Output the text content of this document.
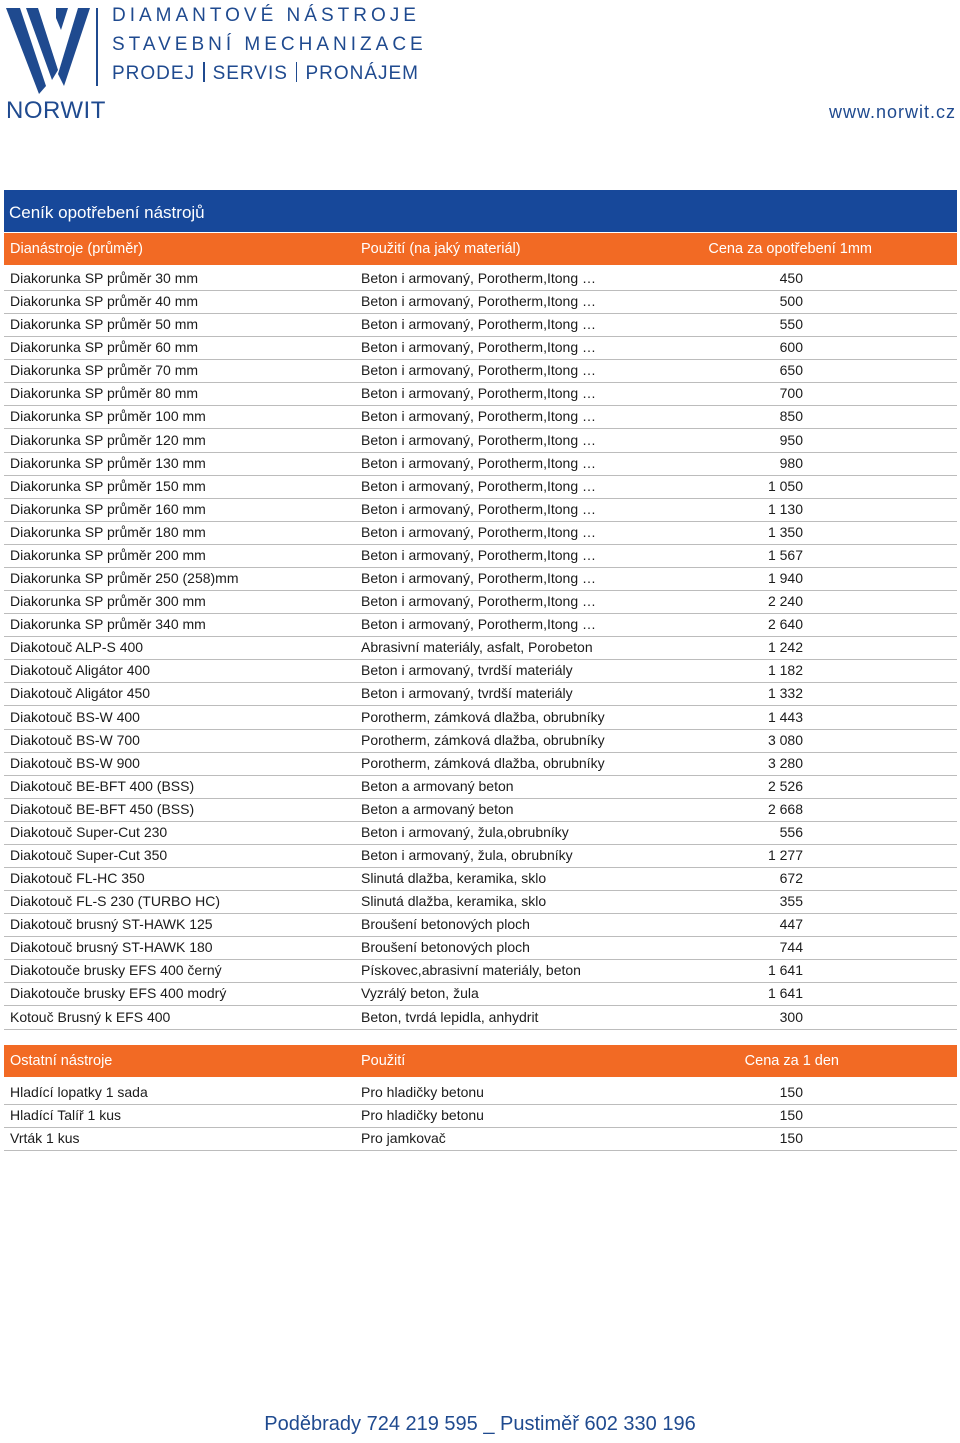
NORWIT
DIAMANTOVÉ NÁSTROJE
STAVEBNÍ MECHANIZACE
PRODEJ SERVIS PRONÁJEM
www.norwit.cz
Ceník opotřebení nástrojů
Dianástroje (průměr)	Použití (na jaký materiál)	Cena za opotřebení 1mm
Diakorunka SP průměr 30 mm	Beton i armovaný, Porotherm,Itong …	450
Diakorunka SP průměr 40 mm	Beton i armovaný, Porotherm,Itong …	500
Diakorunka SP průměr 50 mm	Beton i armovaný, Porotherm,Itong …	550
Diakorunka SP průměr 60 mm	Beton i armovaný, Porotherm,Itong …	600
Diakorunka SP průměr 70 mm	Beton i armovaný, Porotherm,Itong …	650
Diakorunka SP průměr 80 mm	Beton i armovaný, Porotherm,Itong …	700
Diakorunka SP průměr 100 mm	Beton i armovaný, Porotherm,Itong …	850
Diakorunka SP průměr 120 mm	Beton i armovaný, Porotherm,Itong …	950
Diakorunka SP průměr 130 mm	Beton i armovaný, Porotherm,Itong …	980
Diakorunka SP průměr 150 mm	Beton i armovaný, Porotherm,Itong …	1 050
Diakorunka SP průměr 160 mm	Beton i armovaný, Porotherm,Itong …	1 130
Diakorunka SP průměr 180 mm	Beton i armovaný, Porotherm,Itong …	1 350
Diakorunka SP průměr 200 mm	Beton i armovaný, Porotherm,Itong …	1 567
Diakorunka SP průměr 250 (258)mm	Beton i armovaný, Porotherm,Itong …	1 940
Diakorunka SP průměr 300 mm	Beton i armovaný, Porotherm,Itong …	2 240
Diakorunka SP průměr 340 mm	Beton i armovaný, Porotherm,Itong …	2 640
Diakotouč ALP-S 400	Abrasivní materiály, asfalt, Porobeton	1 242
Diakotouč Aligátor 400	Beton i armovaný, tvrdší materiály	1 182
Diakotouč Aligátor 450	Beton i armovaný, tvrdší materiály	1 332
Diakotouč BS-W 400	Porotherm, zámková dlažba, obrubníky	1 443
Diakotouč BS-W 700	Porotherm, zámková dlažba, obrubníky	3 080
Diakotouč BS-W 900	Porotherm, zámková dlažba, obrubníky	3 280
Diakotouč BE-BFT 400 (BSS)	Beton a armovaný beton	2 526
Diakotouč BE-BFT 450 (BSS)	Beton a armovaný beton	2 668
Diakotouč Super-Cut 230	Beton i armovaný, žula,obrubníky	556
Diakotouč Super-Cut 350	Beton i armovaný, žula, obrubníky	1 277
Diakotouč FL-HC 350	Slinutá dlažba, keramika, sklo	672
Diakotouč FL-S 230 (TURBO HC)	Slinutá dlažba, keramika, sklo	355
Diakotouč brusný ST-HAWK 125	Broušení betonových ploch	447
Diakotouč brusný ST-HAWK 180	Broušení betonových ploch	744
Diakotouče brusky EFS 400 černý	Pískovec,abrasivní materiály, beton	1 641
Diakotouče brusky EFS 400 modrý	Vyzrálý beton, žula	1 641
Kotouč Brusný k EFS 400	Beton, tvrdá lepidla, anhydrit	300
Ostatní nástroje	Použití	Cena za 1 den
Hladící lopatky 1 sada	Pro hladičky betonu	150
Hladící Talíř 1 kus	Pro hladičky betonu	150
Vrták 1 kus	Pro jamkovač	150
Poděbrady 724 219 595 _ Pustiměř 602 330 196
